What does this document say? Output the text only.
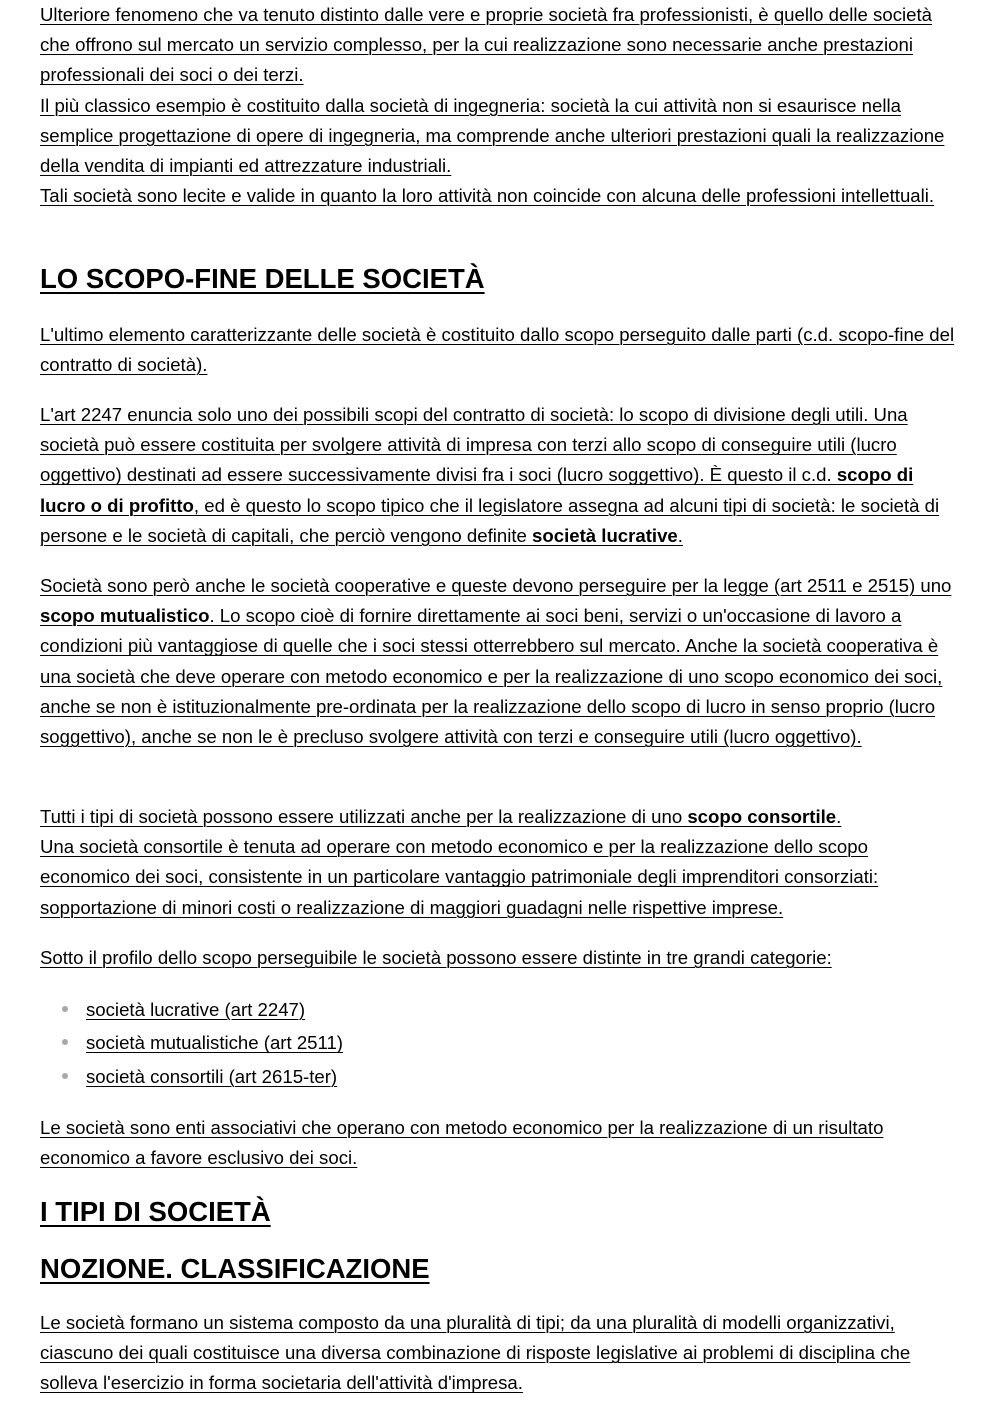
Ulteriore fenomeno che va tenuto distinto dalle vere e proprie società fra professionisti, è quello delle società che offrono sul mercato un servizio complesso, per la cui realizzazione sono necessarie anche prestazioni professionali dei soci o dei terzi.

Il più classico esempio è costituito dalla società di ingegneria: società la cui attività non si esaurisce nella semplice progettazione di opere di ingegneria, ma comprende anche ulteriori prestazioni quali la realizzazione della vendita di impianti ed attrezzature industriali.

Tali società sono lecite e valide in quanto la loro attività non coincide con alcuna delle professioni intellettuali.

LO SCOPO-FINE DELLE SOCIETÀ

L'ultimo elemento caratterizzante delle società è costituito dallo scopo perseguito dalle parti (c.d. scopo-fine del contratto di società).

L'art 2247 enuncia solo uno dei possibili scopi del contratto di società: lo scopo di divisione degli utili. Una società può essere costituita per svolgere attività di impresa con terzi allo scopo di conseguire utili (lucro oggettivo) destinati ad essere successivamente divisi fra i soci (lucro soggettivo). È questo il c.d. scopo di lucro o di profitto, ed è questo lo scopo tipico che il legislatore assegna ad alcuni tipi di società: le società di persone e le società di capitali, che perciò vengono definite società lucrative.

Società sono però anche le società cooperative e queste devono perseguire per la legge (art 2511 e 2515) uno scopo mutualistico. Lo scopo cioè di fornire direttamente ai soci beni, servizi o un'occasione di lavoro a condizioni più vantaggiose di quelle che i soci stessi otterrebbero sul mercato. Anche la società cooperativa è una società che deve operare con metodo economico e per la realizzazione di uno scopo economico dei soci, anche se non è istituzionalmente pre-ordinata per la realizzazione dello scopo di lucro in senso proprio (lucro soggettivo), anche se non le è precluso svolgere attività con terzi e conseguire utili (lucro oggettivo).

Tutti i tipi di società possono essere utilizzati anche per la realizzazione di uno scopo consortile.

Una società consortile è tenuta ad operare con metodo economico e per la realizzazione dello scopo economico dei soci, consistente in un particolare vantaggio patrimoniale degli imprenditori consorziati: sopportazione di minori costi o realizzazione di maggiori guadagni nelle rispettive imprese.

Sotto il profilo dello scopo perseguibile le società possono essere distinte in tre grandi categorie:

società lucrative (art 2247)
società mutualistiche (art 2511)
società consortili (art 2615-ter)

Le società sono enti associativi che operano con metodo economico per la realizzazione di un risultato economico a favore esclusivo dei soci.

I TIPI DI SOCIETÀ
NOZIONE. CLASSIFICAZIONE

Le società formano un sistema composto da una pluralità di tipi; da una pluralità di modelli organizzativi, ciascuno dei quali costituisce una diversa combinazione di risposte legislative ai problemi di disciplina che solleva l'esercizio in forma societaria dell'attività d'impresa.
